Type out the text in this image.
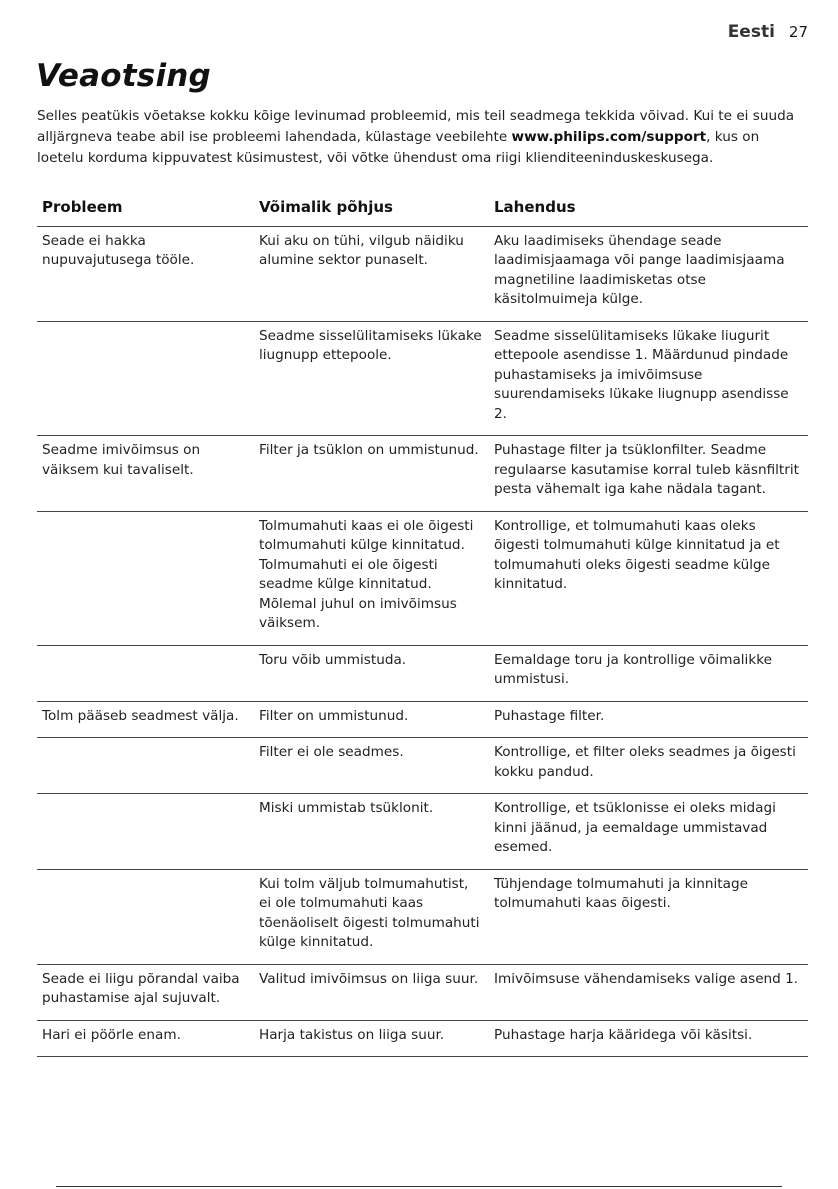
Eesti 27
Veaotsing

Selles peatükis võetakse kokku kõige levinumad probleemid, mis teil seadmega tekkida võivad. Kui te ei suuda alljärgneva teabe abil ise probleemi lahendada, külastage veebilehte www.philips.com/support, kus on loetelu korduma kippuvatest küsimustest, või võtke ühendust oma riigi klienditeeninduskeskusega.

Probleem	Võimalik põhjus	Lahendus
Seade ei hakka nupuvajutusega tööle.	Kui aku on tühi, vilgub näidiku alumine sektor punaselt.	Aku laadimiseks ühendage seade laadimisjaamaga või pange laadimisjaama magnetiline laadimisketas otse käsitolmuimeja külge.
	Seadme sisselülitamiseks lükake liugnupp ettepoole.	Seadme sisselülitamiseks lükake liugurit ettepoole asendisse 1. Määrdunud pindade puhastamiseks ja imivõimsuse suurendamiseks lükake liugnupp asendisse 2.
Seadme imivõimsus on väiksem kui tavaliselt.	Filter ja tsüklon on ummistunud.	Puhastage filter ja tsüklonfilter. Seadme regulaarse kasutamise korral tuleb käsnfiltrit pesta vähemalt iga kahe nädala tagant.
	Tolmumahuti kaas ei ole õigesti tolmumahuti külge kinnitatud. Tolmumahuti ei ole õigesti seadme külge kinnitatud. Mõlemal juhul on imivõimsus väiksem.	Kontrollige, et tolmumahuti kaas oleks õigesti tolmumahuti külge kinnitatud ja et tolmumahuti oleks õigesti seadme külge kinnitatud.
	Toru võib ummistuda.	Eemaldage toru ja kontrollige võimalikke ummistusi.
Tolm pääseb seadmest välja.	Filter on ummistunud.	Puhastage filter.
	Filter ei ole seadmes.	Kontrollige, et filter oleks seadmes ja õigesti kokku pandud.
	Miski ummistab tsüklonit.	Kontrollige, et tsüklonisse ei oleks midagi kinni jäänud, ja eemaldage ummistavad esemed.
	Kui tolm väljub tolmumahutist, ei ole tolmumahuti kaas tõenäoliselt õigesti tolmumahuti külge kinnitatud.	Tühjendage tolmumahuti ja kinnitage tolmumahuti kaas õigesti.
Seade ei liigu põrandal vaiba puhastamise ajal sujuvalt.	Valitud imivõimsus on liiga suur.	Imivõimsuse vähendamiseks valige asend 1.
Hari ei pöörle enam.	Harja takistus on liiga suur.	Puhastage harja kääridega või käsitsi.
